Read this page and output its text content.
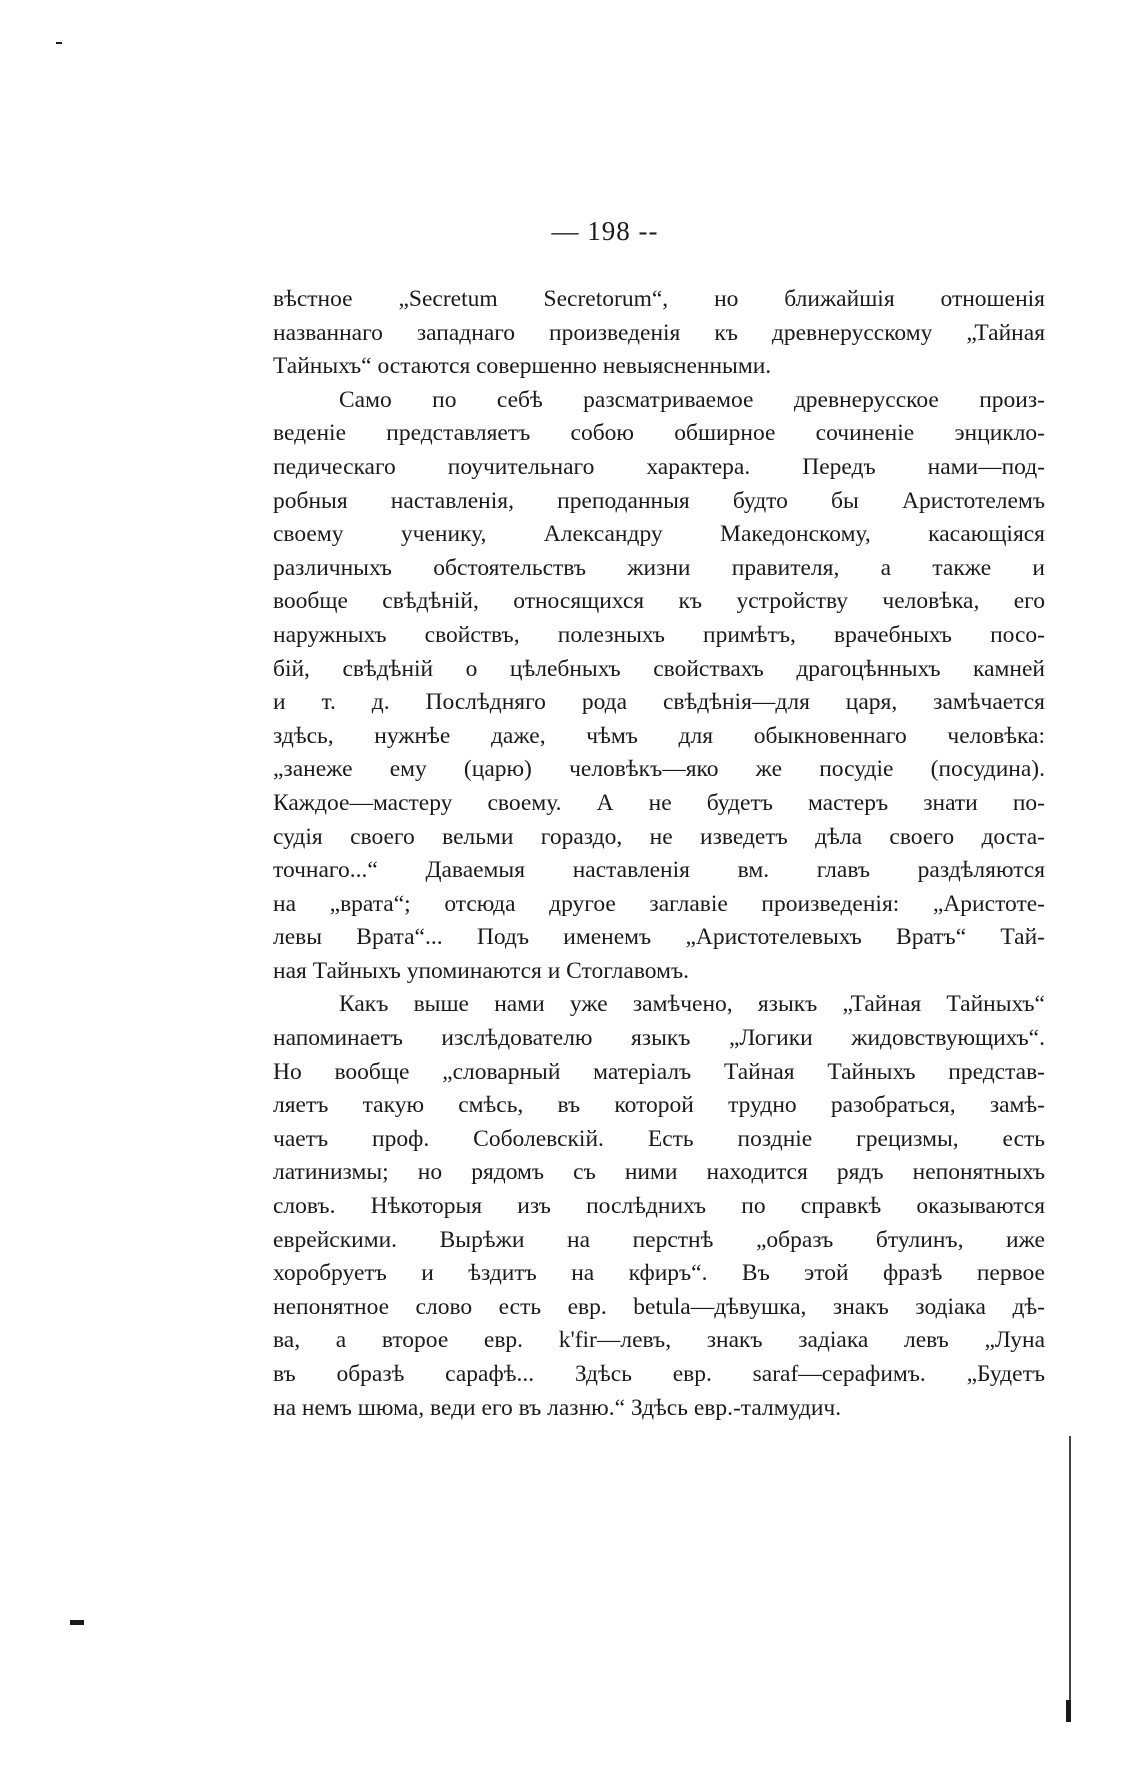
— 198 --
вѣстное „Secretum Secretorum“, но ближайшія отношенія
названнаго западнаго произведенія къ древнерусскому „Тайная
Тайныхъ“ остаются совершенно невыясненными.
Само по себѣ разсматриваемое древнерусское произ-
веденіе представляетъ собою обширное сочиненіе энцикло-
педическаго поучительнаго характера. Передъ нами—под-
робныя наставленія, преподанныя будто бы Аристотелемъ
своему ученику, Александру Македонскому, касающіяся
различныхъ обстоятельствъ жизни правителя, а также и
вообще свѣдѣній, относящихся къ устройству человѣка, его
наружныхъ свойствъ, полезныхъ примѣтъ, врачебныхъ посо-
бій, свѣдѣній о цѣлебныхъ свойствахъ драгоцѣнныхъ камней
и т. д. Послѣдняго рода свѣдѣнія—для царя, замѣчается
здѣсь, нужнѣе даже, чѣмъ для обыкновеннаго человѣка:
„занеже ему (царю) человѣкъ—яко же посудіе (посудина).
Каждое—мастеру своему. А не будетъ мастеръ знати по-
судія своего вельми гораздо, не изведетъ дѣла своего доста-
точнаго...“ Даваемыя наставленія вм. главъ раздѣляются
на „врата“; отсюда другое заглавіе произведенія: „Аристоте-
левы Врата“... Подъ именемъ „Аристотелевыхъ Вратъ“ Тай-
ная Тайныхъ упоминаются и Стоглавомъ.
Какъ выше нами уже замѣчено, языкъ „Тайная Тайныхъ“
напоминаетъ изслѣдователю языкъ „Логики жидовствующихъ“.
Но вообще „словарный матеріалъ Тайная Тайныхъ представ-
ляетъ такую смѣсь, въ которой трудно разобраться, замѣ-
чаетъ проф. Соболевскій. Есть поздніе грецизмы, есть
латинизмы; но рядомъ съ ними находится рядъ непонятныхъ
словъ. Нѣкоторыя изъ послѣднихъ по справкѣ оказываются
еврейскими. Вырѣжи на перстнѣ „образъ бтулинъ, иже
хоробруетъ и ѣздитъ на кфиръ“. Въ этой фразѣ первое
непонятное слово есть евр. betula—дѣвушка, знакъ зодіака дѣ-
ва, а второе евр. k'fir—левъ, знакъ задіака левъ „Луна
въ образѣ сарафѣ... Здѣсь евр. saraf—серафимъ. „Будетъ
на немъ шюма, веди его въ лазню.“ Здѣсь евр.-талмудич.
